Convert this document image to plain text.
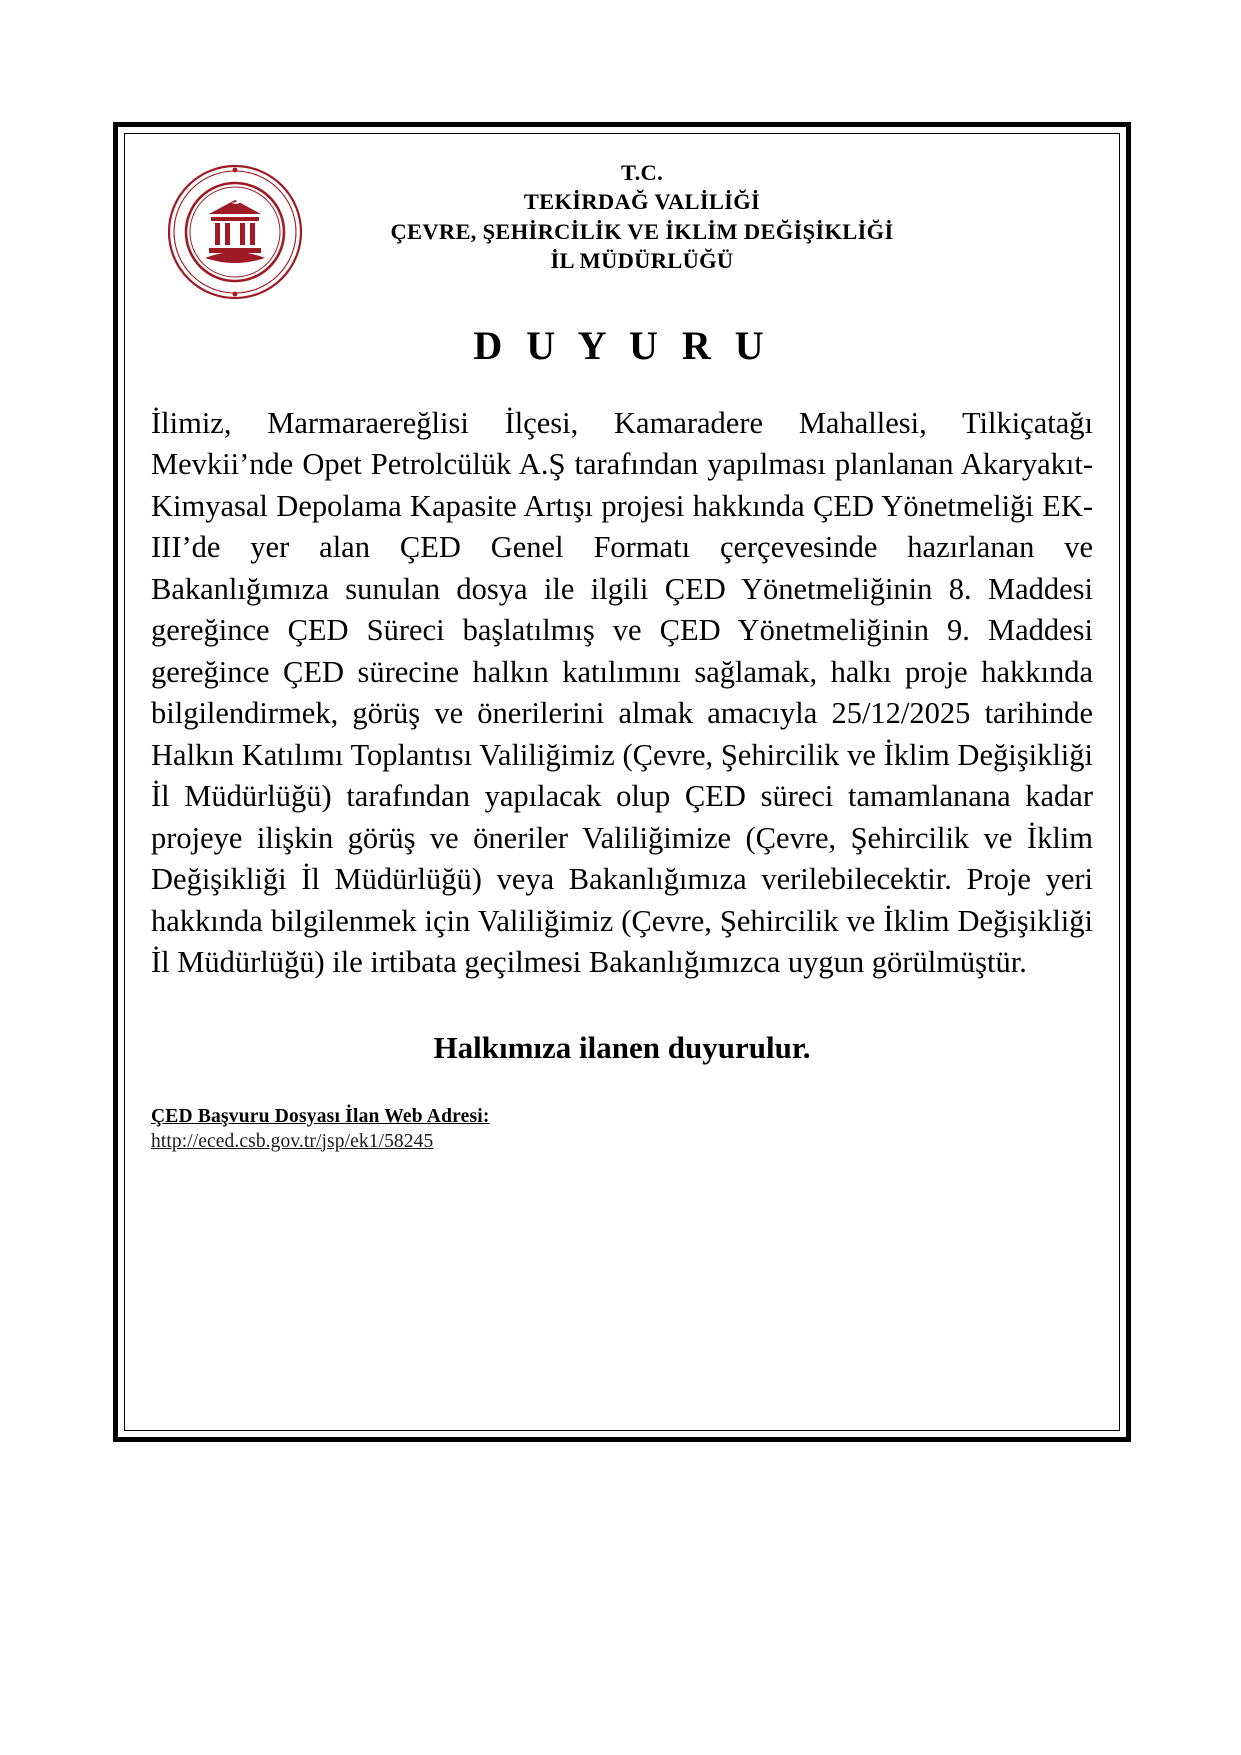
T.C.
TEKİRDAĞ VALİLİĞİ
ÇEVRE, ŞEHİRCİLİK VE İKLİM DEĞİŞİKLİĞİ
İL MÜDÜRLÜĞÜ
D U Y U R U

İlimiz, Marmaraereğlisi İlçesi, Kamaradere Mahallesi, Tilkiçatağı Mevkii’nde Opet Petrolcülük A.Ş tarafından yapılması planlanan Akaryakıt-Kimyasal Depolama Kapasite Artışı projesi hakkında ÇED Yönetmeliği EK-III’de yer alan ÇED Genel Formatı çerçevesinde hazırlanan ve Bakanlığımıza sunulan dosya ile ilgili ÇED Yönetmeliğinin 8. Maddesi gereğince ÇED Süreci başlatılmış ve ÇED Yönetmeliğinin 9. Maddesi gereğince ÇED sürecine halkın katılımını sağlamak, halkı proje hakkında bilgilendirmek, görüş ve önerilerini almak amacıyla 25/12/2025 tarihinde Halkın Katılımı Toplantısı Valiliğimiz (Çevre, Şehircilik ve İklim Değişikliği İl Müdürlüğü) tarafından yapılacak olup ÇED süreci tamamlanana kadar projeye ilişkin görüş ve öneriler Valiliğimize (Çevre, Şehircilik ve İklim Değişikliği İl Müdürlüğü) veya Bakanlığımıza verilebilecektir. Proje yeri hakkında bilgilenmek için Valiliğimiz (Çevre, Şehircilik ve İklim Değişikliği İl Müdürlüğü) ile irtibata geçilmesi Bakanlığımızca uygun görülmüştür.

Halkımıza ilanen duyurulur.
ÇED Başvuru Dosyası İlan Web Adresi:
http://eced.csb.gov.tr/jsp/ek1/58245
